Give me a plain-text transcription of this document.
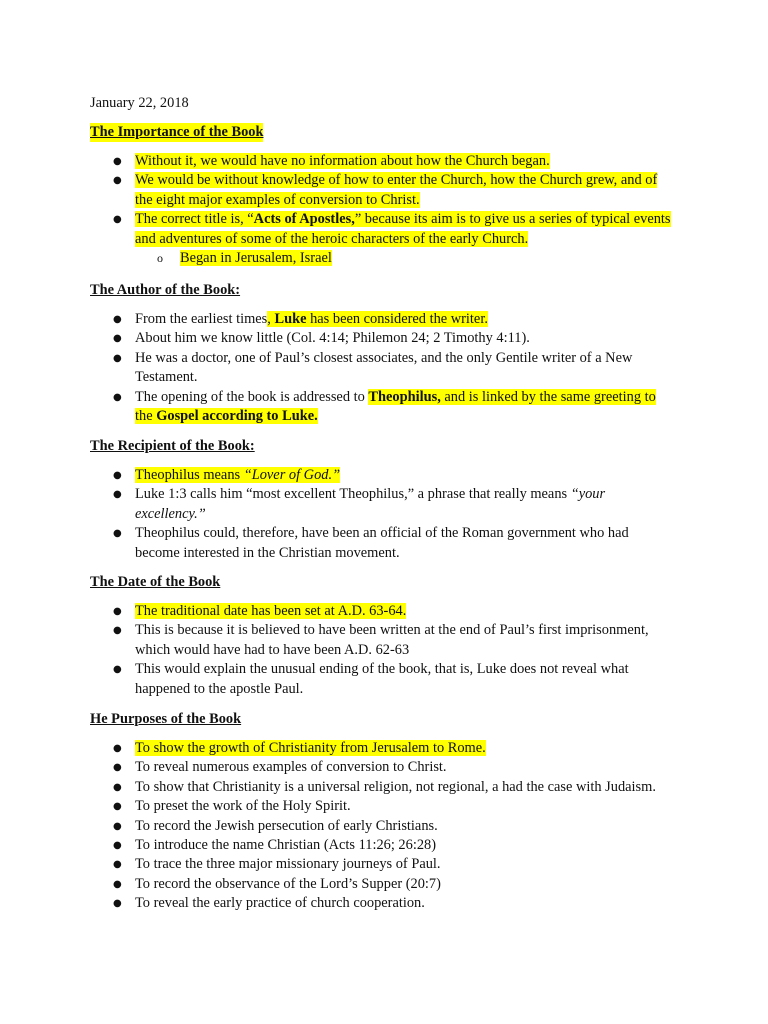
January 22, 2018
The Importance of the Book
● Without it, we would have no information about how the Church began.
● We would be without knowledge of how to enter the Church, how the Church grew, and of the eight major examples of conversion to Christ.
● The correct title is, “Acts of Apostles,” because its aim is to give us a series of typical events and adventures of some of the heroic characters of the early Church.
o Began in Jerusalem, Israel
The Author of the Book:
● From the earliest times, Luke has been considered the writer.
● About him we know little (Col. 4:14; Philemon 24; 2 Timothy 4:11).
● He was a doctor, one of Paul’s closest associates, and the only Gentile writer of a New Testament.
● The opening of the book is addressed to Theophilus, and is linked by the same greeting to the Gospel according to Luke.
The Recipient of the Book:
● Theophilus means “Lover of God.”
● Luke 1:3 calls him “most excellent Theophilus,” a phrase that really means “your excellency.”
● Theophilus could, therefore, have been an official of the Roman government who had become interested in the Christian movement.
The Date of the Book
● The traditional date has been set at A.D. 63-64.
● This is because it is believed to have been written at the end of Paul’s first imprisonment, which would have had to have been A.D. 62-63
● This would explain the unusual ending of the book, that is, Luke does not reveal what happened to the apostle Paul.
He Purposes of the Book
● To show the growth of Christianity from Jerusalem to Rome.
● To reveal numerous examples of conversion to Christ.
● To show that Christianity is a universal religion, not regional, a had the case with Judaism.
● To preset the work of the Holy Spirit.
● To record the Jewish persecution of early Christians.
● To introduce the name Christian (Acts 11:26; 26:28)
● To trace the three major missionary journeys of Paul.
● To record the observance of the Lord’s Supper (20:7)
● To reveal the early practice of church cooperation.
